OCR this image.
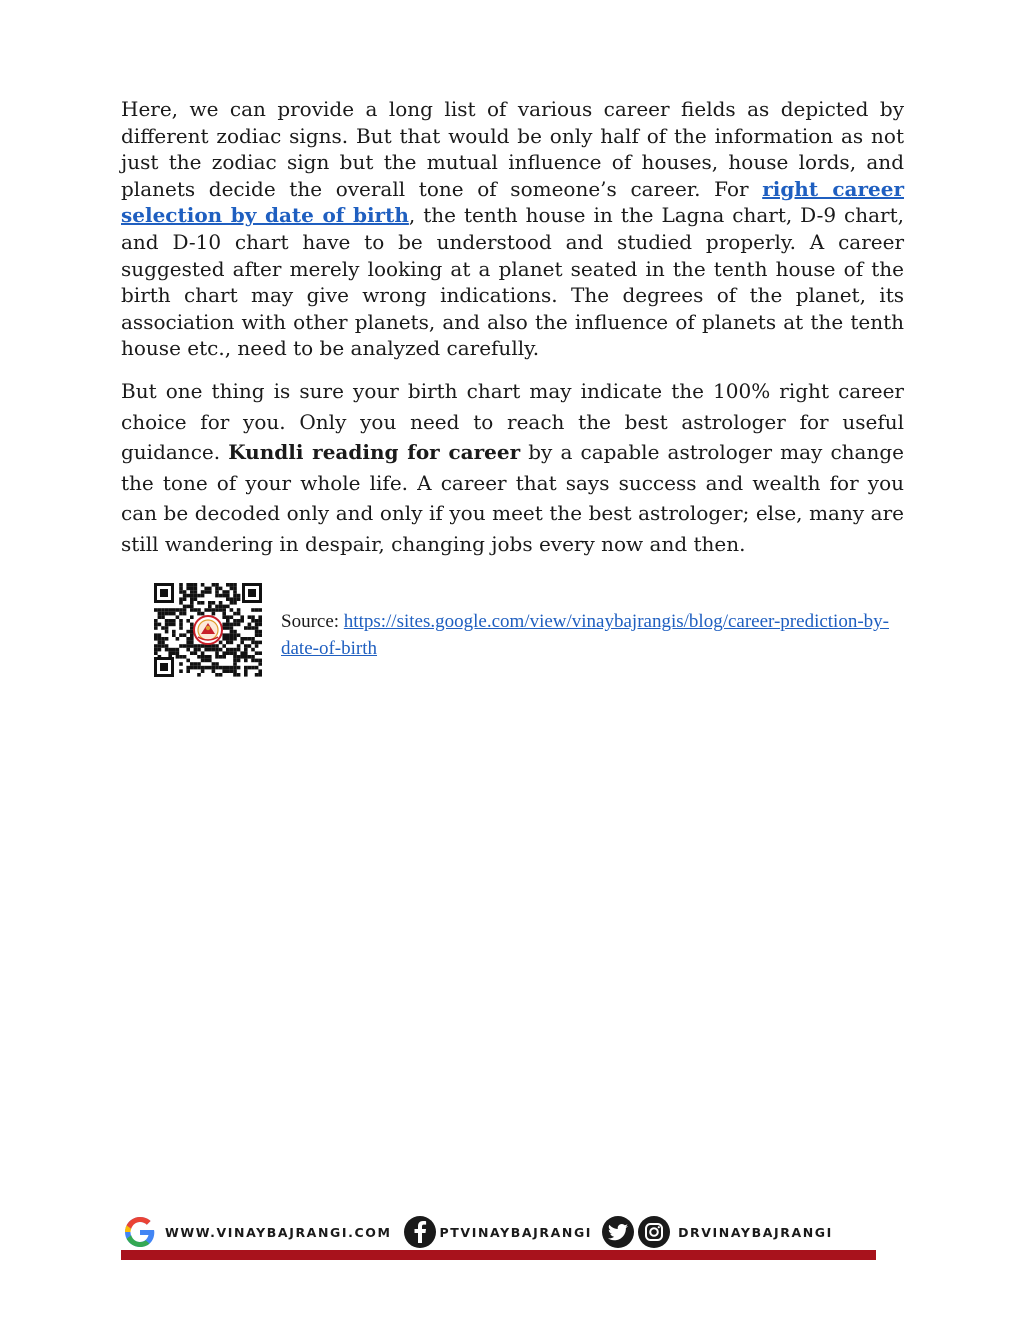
Here, we can provide a long list of various career fields as depicted by different zodiac signs. But that would be only half of the information as not just the zodiac sign but the mutual influence of houses, house lords, and planets decide the overall tone of someone’s career. For right career selection by date of birth, the tenth house in the Lagna chart, D-9 chart, and D-10 chart have to be understood and studied properly. A career suggested after merely looking at a planet seated in the tenth house of the birth chart may give wrong indications. The degrees of the planet, its association with other planets, and also the influence of planets at the tenth house etc., need to be analyzed carefully.

But one thing is sure your birth chart may indicate the 100% right career choice for you. Only you need to reach the best astrologer for useful guidance. Kundli reading for career by a capable astrologer may change the tone of your whole life. A career that says success and wealth for you can be decoded only and only if you meet the best astrologer; else, many are still wandering in despair, changing jobs every now and then.

Source: https://sites.google.com/view/vinaybajrangis/blog/career-prediction-by-date-of-birth
WWW.VINAYBAJRANGI.COM	PTVINAYBAJRANGI	DRVINAYBAJRANGI
